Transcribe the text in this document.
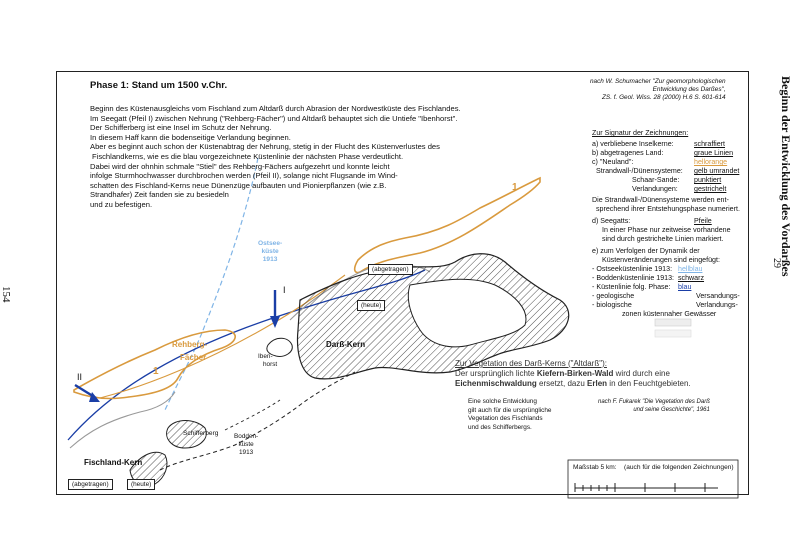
154
29
Beginn der Entwicklung des Vordarßes
Phase 1: Stand um 1500 v.Chr.	nach W. Schumacher "Zur geomorphologischen
Entwicklung des Darßes",
ZS. f. Geol. Wiss. 28 (2000) H.6 S. 601-614
Beginn des Küstenausgleichs vom Fischland zum Altdarß durch Abrasion der Nordwestküste des Fischlandes.
Im Seegatt (Pfeil I) zwischen Nehrung ("Rehberg-Fächer") und Altdarß behauptet sich die Untiefe "Ibenhorst".
Der Schifferberg ist eine Insel im Schutz der Nehrung.
In diesem Haff kann die bodenseitige Verlandung beginnen.
Aber es beginnt auch schon der Küstenabtrag der Nehrung, stetig in der Flucht des Küstenverlustes des
Fischlandkerns, wie es die blau vorgezeichnete Küstenlinie der nächsten Phase verdeutlicht.
Dabei wird der ohnhin schmale "Stiel" des Rehberg-Fächers aufgezehrt und konnte leicht
infolge Sturmhochwasser durchbrochen werden (Pfeil II), solange nicht Flugsande im Wind-
schatten des Fischland-Kerns neue Dünenzüge aufbauten und Pionierpflanzen (wie z.B.
Strandhafer) Zeit fanden sie zu besiedeln
und zu befestigen.
Zur Signatur der Zeichnungen:
a) verbliebene Inselkerne:	schraffiert
b) abgetragenes Land:	graue Linien
c) "Neuland":	hellorange
Strandwall-/Dünensysteme: gelb umrandet
Schaar-Sande: punktiert
Verlandungen: gestrichelt
Die Strandwall-/Dünensysteme werden ent-
sprechend ihrer Entstehungsphase numeriert.
d) Seegatts:	Pfeile
In einer Phase nur zeitweise vorhandene
sind durch gestrichelte Linien markiert.
e) zum Verfolgen der Dynamik der
Küstenveränderungen sind eingefügt:
- Ostseeküstenlinie 1913: hellblau
- Boddenküstenlinie 1913: schwarz
- Küstenlinie folg. Phase: blau
- geologische	Versandungs-
- biologische	Verlandungs-
zonen küstennaher Gewässer
Zur Vegetation des Darß-Kerns ("Altdarß"):
Der ursprünglich lichte Kiefern-Birken-Wald wird durch eine
Eichenmischwaldung ersetzt, dazu Erlen in den Feuchtgebieten.
Eine solche Entwicklung
gilt auch für die ursprüngliche
Vegetation des Fischlands
und des Schifferbergs.
nach F. Fukarek "Die Vegetation des Darß
und seine Geschichte", 1961
Maßstab 5 km: (auch für die folgenden Zeichnungen)
Ostsee-
küste
1913
(abgetragen)
(heute)
I
II
Rehberg-
Fächer
1
1
Iben-
horst
Darß-Kern
Schifferberg Bodden-
küste
1913
Fischland-Kern
(abgetragen)	(heute)
